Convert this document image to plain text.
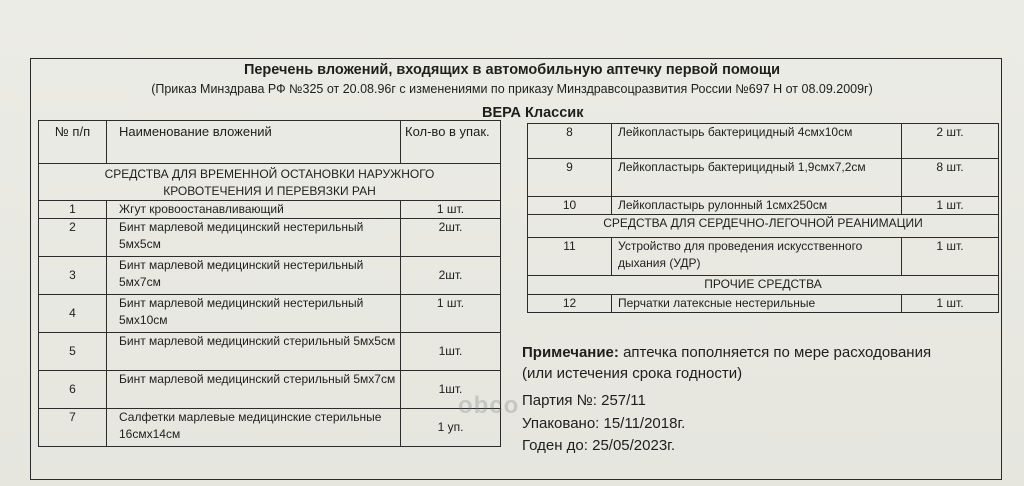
Перечень вложений, входящих в автомобильную аптечку первой помощи
(Приказ Минздрава РФ №325 от 20.08.96г с изменениями по приказу Минздравсоцразвития России №697 Н от 08.09.2009г)
ВЕРА Классик
№ п/п	Наименование вложений	Кол-во в упак.
СРЕДСТВА ДЛЯ ВРЕМЕННОЙ ОСТАНОВКИ НАРУЖНОГО КРОВОТЕЧЕНИЯ И ПЕРЕВЯЗКИ РАН		
1	Жгут кровоостанавливающий	1 шт.
2	Бинт марлевой медицинский нестерильный 5мх5см	2шт.
3	Бинт марлевой медицинский нестерильный 5мх7см	2шт.
4	Бинт марлевой медицинский нестерильный 5мх10см	1 шт.
5	Бинт марлевой медицинский стерильный 5мх5см	1шт.
6	Бинт марлевой медицинский стерильный 5мх7см	1шт.
7	Салфетки марлевые медицинские стерильные 16смх14см	1 уп.
8	Лейкопластырь бактерицидный 4смх10см	2 шт.
9	Лейкопластырь бактерицидный 1,9смх7,2см	8 шт.
10	Лейкопластырь рулонный 1смх250см	1 шт.
СРЕДСТВА ДЛЯ СЕРДЕЧНО-ЛЕГОЧНОЙ РЕАНИМАЦИИ		
11	Устройство для проведения искусственного дыхания (УДР)	1 шт.
ПРОЧИЕ СРЕДСТВА		
12	Перчатки латексные нестерильные	1 шт.
Примечание: аптечка пополняется по мере расходования (или истечения срока годности)
obco Партия №: 257/11
Упаковано: 15/11/2018г.
Годен до: 25/05/2023г.
